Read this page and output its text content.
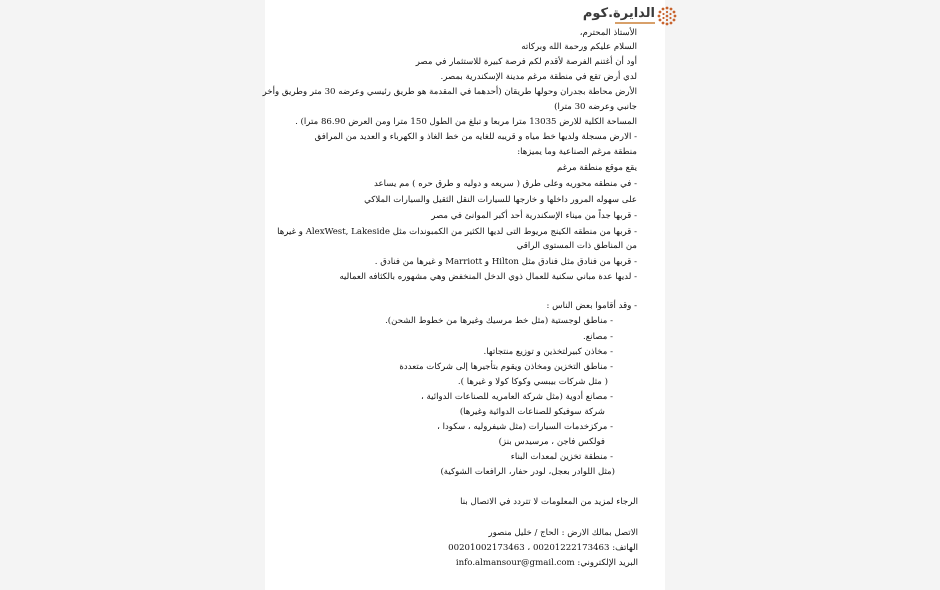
الدايرة.كوم
الأستاذ المحترم،
السلام عليكم ورحمة الله وبركاته
أود أن أغتنم الفرصة لأقدم لكم فرصة كبيرة للاستثمار في مصر
لدي أرض تقع في منطقة مرغم مدينة الإسكندرية بمصر.
الأرض محاطة بجدران وحولها طريقان (أحدهما في المقدمة هو طريق رئيسي وعرضه 30 متر وطريق وأخر
جانبي وعرضه 30 مترا)
المساحة الكلية للارض 13035 مترا مربعا و تبلغ من الطول 150 مترا ومن العرض 86.90 مترا) .
- الارض مسجلة ولديها خط مياه و قريبه للغايه من خط الغاذ و الكهرباء و العديد من المرافق
منطقة مرغم الصناعية وما يميزها:
يقع موقع منطقة مرغم
- في منطقه محوريه وعلى طرق ( سريعه و دوليه و طرق حره ) مم يساعد
على سهوله المرور داخلها و خارجها للسيارات النقل الثقيل والسيارات الملاكي
- قربها جداً من ميناء الإسكندرية أحد أكبر الموانئ في مصر
- قربها من منطقه الكينج مريوط التى لديها الكثير من الكمبوندات مثل AlexWest, Lakeside و غيرها
من المناطق ذات المستوى الراقي
- قربها من فنادق مثل فنادق مثل Hilton و Marriott و غيرها من فنادق .
- لديها عدة مباني سكنية للعمال ذوي الدخل المنخفض وهي مشهوره بالكثافه العماليه
- وقد أقاموا بعض الناس :
- مناطق لوجستية (مثل خط مرسيك وغيرها من خطوط الشحن).
- مصانع.
- مخاذن كبيرلتخذين و توزيع منتجاتها.
- مناطق التخزين ومخاذن ويقوم بتأجيرها إلى شركات متعددة
( مثل شركات بيبسي وكوكا كولا و غيرها ).
- مصانع أدوية (مثل شركة العامريه للصناعات الدوائية ،
شركة سوفيكو للصناعات الدوائية وغيرها)
- مركزخدمات السيارات (مثل شيفروليه ، سكودا ،
فولكس فاجن ، مرسيدس بنز)
- منطقة تخزين لمعدات البناء
(مثل اللوادر بعجل، لودر حفار، الرافعات الشوكية)
الرجاء لمزيد من المعلومات لا تتردد في الاتصال بنا
الاتصل بمالك الارض : الحاج / خليل منصور
الهاتف: 00201222173463 ، 00201002173463
البريد الإلكتروني: info.almansour@gmail.com
